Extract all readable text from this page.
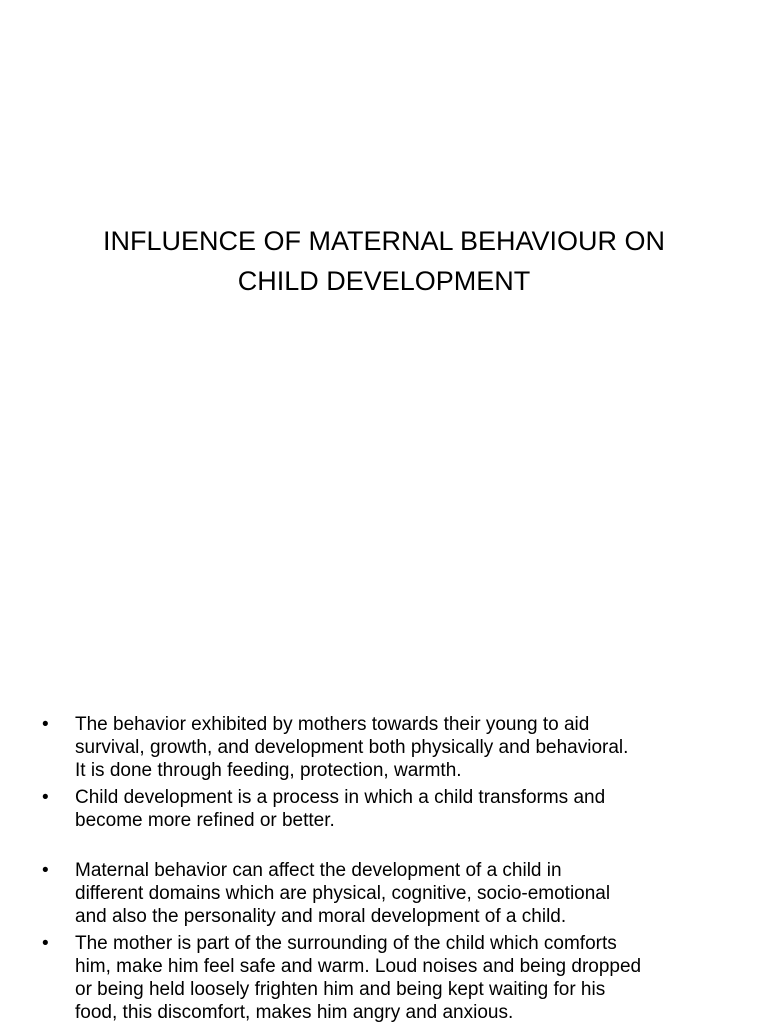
INFLUENCE OF MATERNAL BEHAVIOUR ON
CHILD DEVELOPMENT
• The behavior exhibited by mothers towards their young to aid
survival, growth, and development both physically and behavioral.
It is done through feeding, protection, warmth.
• Child development is a process in which a child transforms and
become more refined or better.
• Maternal behavior can affect the development of a child in
different domains which are physical, cognitive, socio-emotional
and also the personality and moral development of a child.
• The mother is part of the surrounding of the child which comforts
him, make him feel safe and warm. Loud noises and being dropped
or being held loosely frighten him and being kept waiting for his
food, this discomfort, makes him angry and anxious.
